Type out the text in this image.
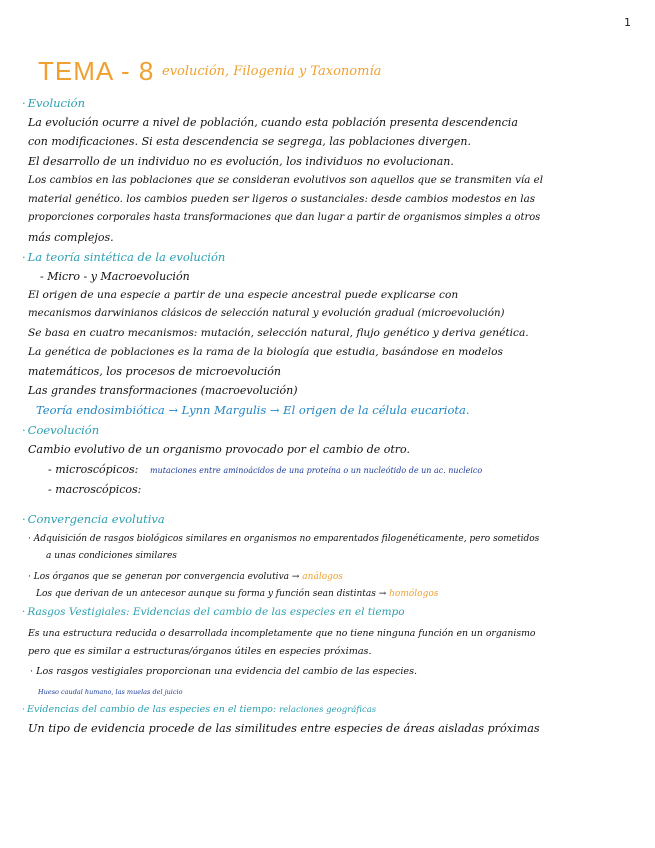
1
TEMA - 8 evolución, Filogenia y Taxonomía
· Evolución
La evolución ocurre a nivel de población, cuando esta población presenta descendencia
con modificaciones. Si esta descendencia se segrega, las poblaciones divergen.
El desarrollo de un individuo no es evolución, los individuos no evolucionan.
Los cambios en las poblaciones que se consideran evolutivos son aquellos que se transmiten vía el
material genético. los cambios pueden ser ligeros o sustanciales: desde cambios modestos en las
proporciones corporales hasta transformaciones que dan lugar a partir de organismos simples a otros
más complejos.
· La teoría sintética de la evolución
- Micro - y Macroevolución
El origen de una especie a partir de una especie ancestral puede explicarse con
mecanismos darwinianos clásicos de selección natural y evolución gradual (microevolución)
Se basa en cuatro mecanismos: mutación, selección natural, flujo genético y deriva genética.
La genética de poblaciones es la rama de la biología que estudia, basándose en modelos
matemáticos, los procesos de microevolución
Las grandes transformaciones (macroevolución)
Teoría endosimbiótica → Lynn Margulis → El origen de la célula eucariota.
· Coevolución
Cambio evolutivo de un organismo provocado por el cambio de otro.
- microscópicos: mutaciones entre aminoácidos de una proteína o un nucleótido de un ac. nucleico
- macroscópicos:
· Convergencia evolutiva
· Adquisición de rasgos biológicos similares en organismos no emparentados filogenéticamente, pero sometidos
a unas condiciones similares
· Los órganos que se generan por convergencia evolutiva → análogos
Los que derivan de un antecesor aunque su forma y función sean distintas → homólogos
· Rasgos Vestigiales: Evidencias del cambio de las especies en el tiempo
Es una estructura reducida o desarrollada incompletamente que no tiene ninguna función en un organismo
pero que es similar a estructuras/órganos útiles en especies próximas.
· Los rasgos vestigiales proporcionan una evidencia del cambio de las especies.
Hueso caudal humano, las muelas del juicio
· Evidencias del cambio de las especies en el tiempo: relaciones geográficas
Un tipo de evidencia procede de las similitudes entre especies de áreas aisladas próximas
